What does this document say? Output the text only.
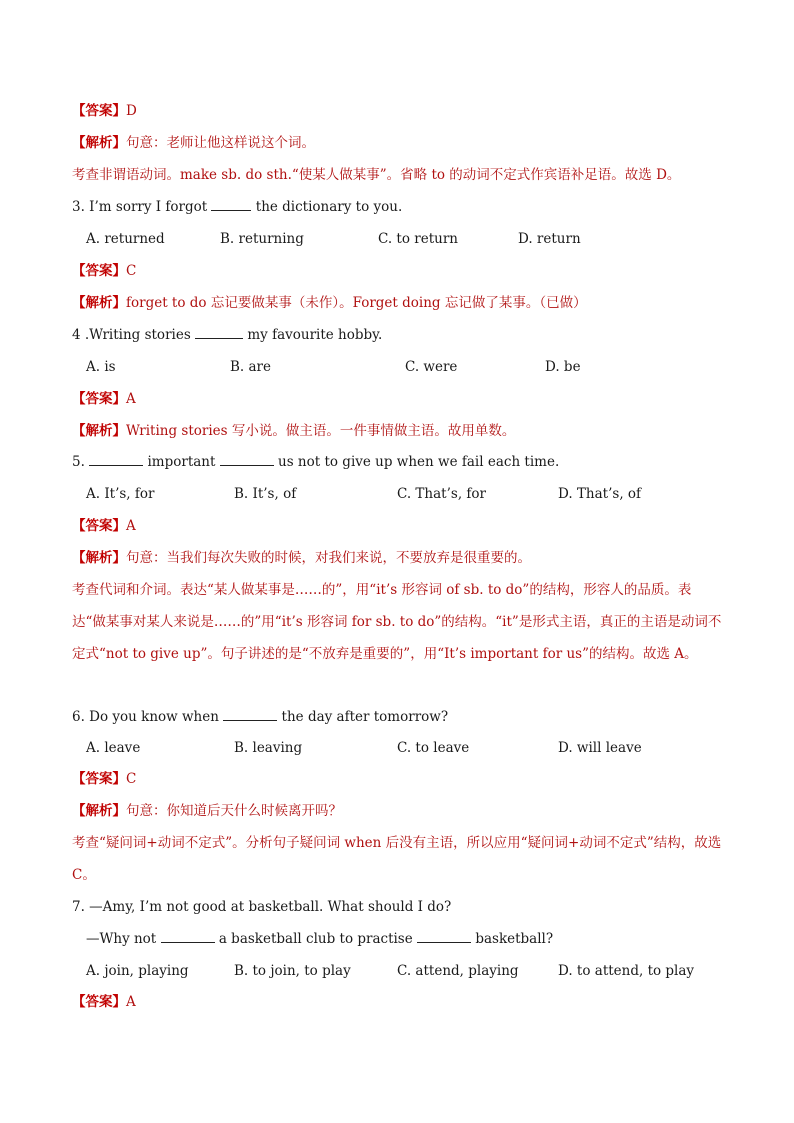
【答案】D
【解析】句意：老师让他这样说这个词。
考查非谓语动词。make sb. do sth.“使某人做某事”。省略 to 的动词不定式作宾语补足语。故选 D。
3. I’m sorry I forgot	the dictionary to you.
A. returned	B. returning	C. to return	D. return
【答案】C
【解析】forget to do 忘记要做某事（未作）。Forget doing 忘记做了某事。（已做）
4 .Writing stories	my favourite hobby.
A. is	B. are	C. were	D. be
【答案】A
【解析】Writing stories 写小说。做主语。一件事情做主语。故用单数。
5.	important	us not to give up when we fail each time.
A. It’s, for	B. It’s, of	C. That’s, for	D. That’s, of
【答案】A
【解析】句意：当我们每次失败的时候，对我们来说，不要放弃是很重要的。
考查代词和介词。表达“某人做某事是……的”，用“it’s 形容词 of sb. to do”的结构，形容人的品质。表达“做某事对某人来说是……的”用“it’s 形容词 for sb. to do”的结构。“it”是形式主语，真正的主语是动词不定式“not to give up”。句子讲述的是“不放弃是重要的”，用“It’s important for us”的结构。故选 A。
6. Do you know when	the day after tomorrow?
A. leave	B. leaving	C. to leave	D. will leave
【答案】C
【解析】句意：你知道后天什么时候离开吗？
考查“疑问词+动词不定式”。分析句子疑问词 when 后没有主语，所以应用“疑问词+动词不定式”结构，故选 C。
7. —Amy, I’m not good at basketball. What should I do?
—Why not	a basketball club to practise	basketball?
A. join, playing	B. to join, to play	C. attend, playing	D. to attend, to play
【答案】A
